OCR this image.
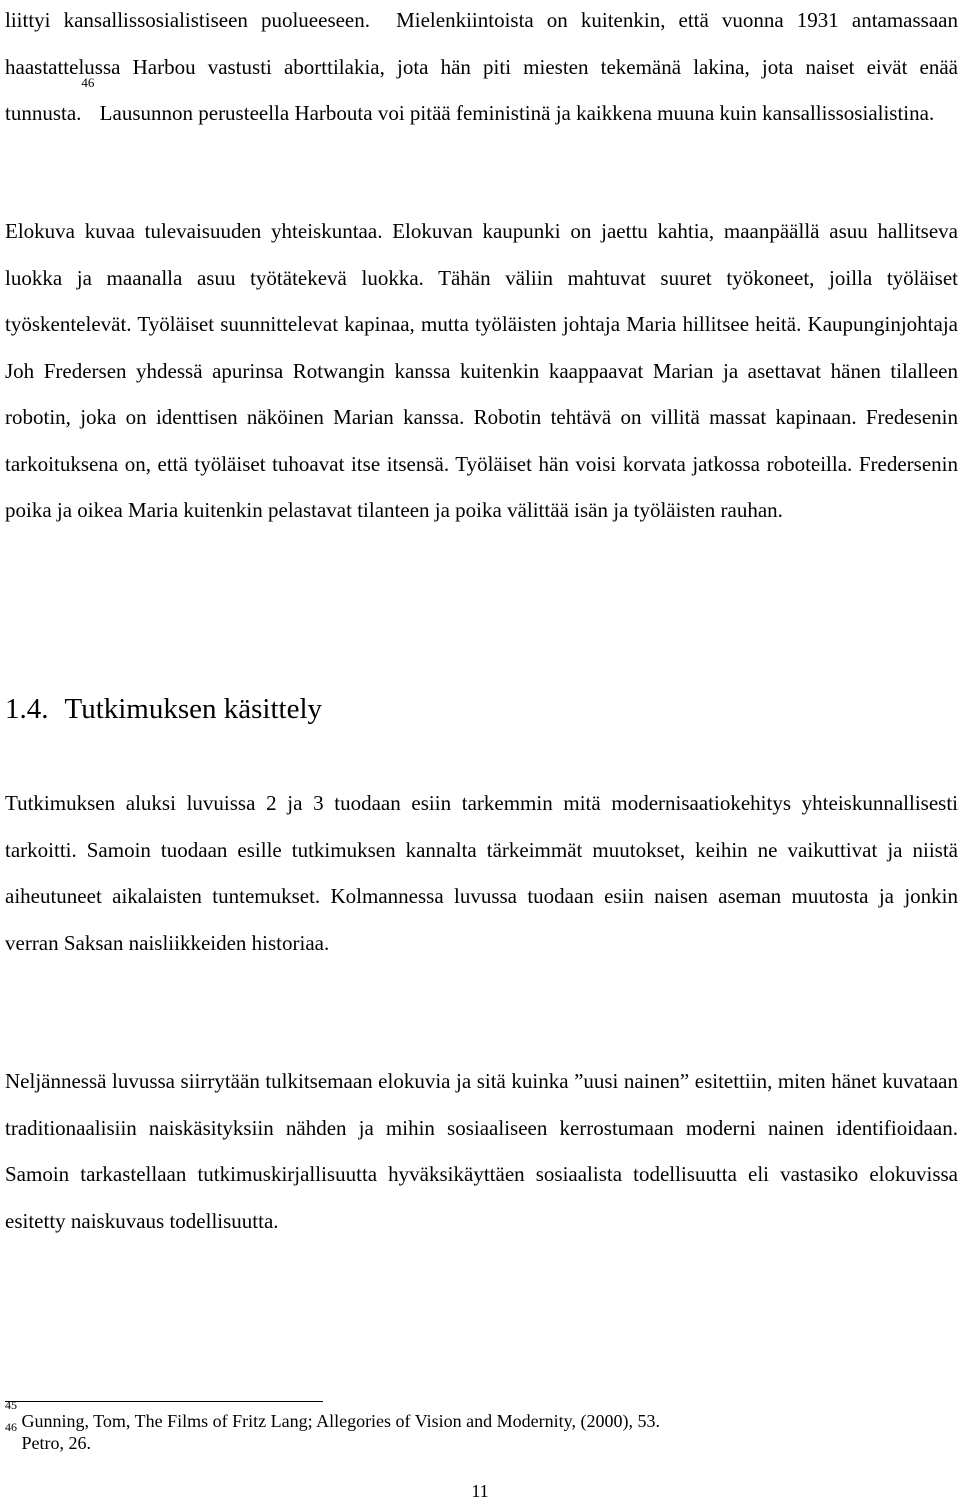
liittyi kansallissosialistiseen puolueeseen. Mielenkiintoista on kuitenkin, että vuonna 1931 antamassaan haastattelussa Harbou vastusti aborttilakia, jota hän piti miesten tekemänä lakina, jota naiset eivät enää tunnusta.$^{46}$ Lausunnon perusteella Harbouta voi pitää feministinä ja kaikkena muuna kuin kansallissosialistina.

Elokuva kuvaa tulevaisuuden yhteiskuntaa. Elokuvan kaupunki on jaettu kahtia, maanpäällä asuu hallitseva luokka ja maanalla asuu työtätekevä luokka. Tähän väliin mahtuvat suuret työkoneet, joilla työläiset työskentelevät. Työläiset suunnittelevat kapinaa, mutta työläisten johtaja Maria hillitsee heitä. Kaupunginjohtaja Joh Fredersen yhdessä apurinsa Rotwangin kanssa kuitenkin kaappaavat Marian ja asettavat hänen tilalleen robotin, joka on identtisen näköinen Marian kanssa. Robotin tehtävä on villitä massat kapinaan. Fredesenin tarkoituksena on, että työläiset tuhoavat itse itsensä. Työläiset hän voisi korvata jatkossa roboteilla. Fredersenin poika ja oikea Maria kuitenkin pelastavat tilanteen ja poika välittää isän ja työläisten rauhan.

1.4. Tutkimuksen käsittely

Tutkimuksen aluksi luvuissa 2 ja 3 tuodaan esiin tarkemmin mitä modernisaatiokehitys yhteiskunnallisesti tarkoitti. Samoin tuodaan esille tutkimuksen kannalta tärkeimmät muutokset, keihin ne vaikuttivat ja niistä aiheutuneet aikalaisten tuntemukset. Kolmannessa luvussa tuodaan esiin naisen aseman muutosta ja jonkin verran Saksan naisliikkeiden historiaa.

Neljännessä luvussa siirrytään tulkitsemaan elokuvia ja sitä kuinka ”uusi nainen” esitettiin, miten hänet kuvataan traditionaalisiin naiskäsityksiin nähden ja mihin sosiaaliseen kerrostumaan moderni nainen identifioidaan. Samoin tarkastellaan tutkimuskirjallisuutta hyväksikäyttäen sosiaalista todellisuutta eli vastasiko elokuvissa esitetty naiskuvaus todellisuutta.

$^{45}$ Gunning, Tom, The Films of Fritz Lang; Allegories of Vision and Modernity, (2000), 53.

$^{46}$ Petro, 26.

11
